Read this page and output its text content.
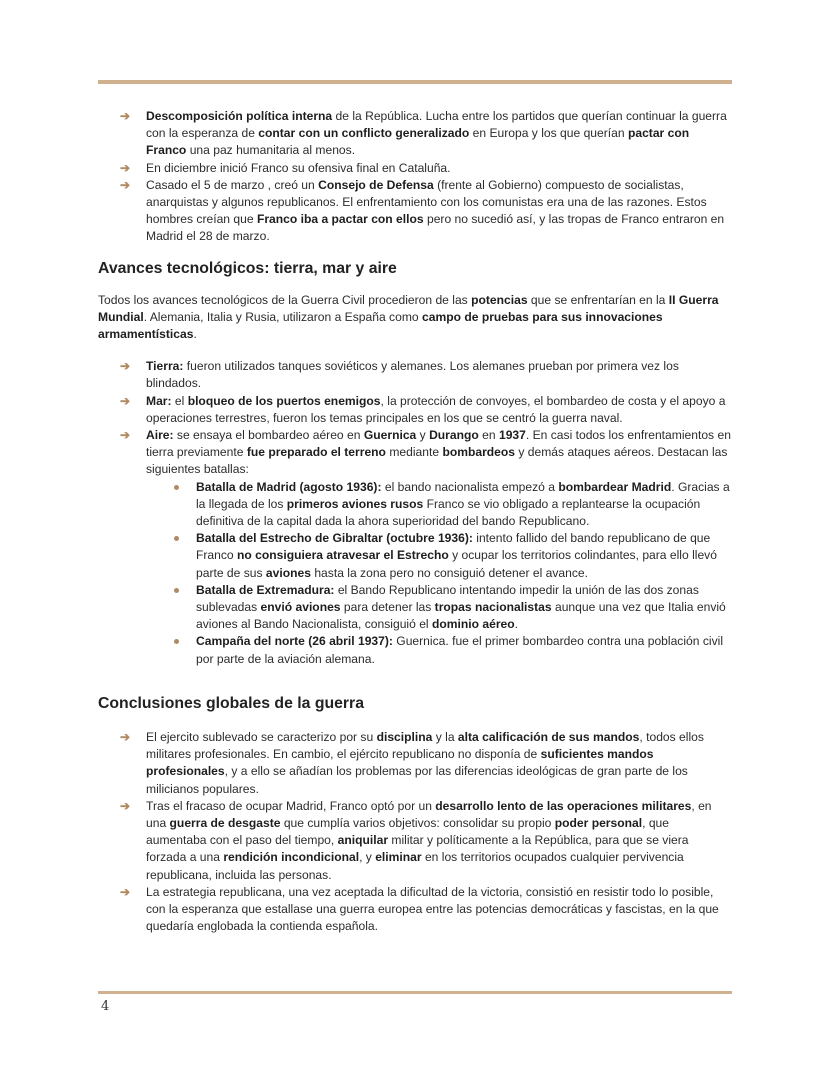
➔ Descomposición política interna de la República. Lucha entre los partidos que querían continuar la guerra con la esperanza de contar con un conflicto generalizado en Europa y los que querían pactar con Franco una paz humanitaria al menos.
➔ En diciembre inició Franco su ofensiva final en Cataluña.
➔ Casado el 5 de marzo , creó un Consejo de Defensa (frente al Gobierno) compuesto de socialistas, anarquistas y algunos republicanos. El enfrentamiento con los comunistas era una de las razones. Estos hombres creían que Franco iba a pactar con ellos pero no sucedió así, y las tropas de Franco entraron en Madrid el 28 de marzo.
Avances tecnológicos: tierra, mar y aire

Todos los avances tecnológicos de la Guerra Civil procedieron de las potencias que se enfrentarían en la II Guerra Mundial. Alemania, Italia y Rusia, utilizaron a España como campo de pruebas para sus innovaciones armamentísticas.

➔ Tierra: fueron utilizados tanques soviéticos y alemanes. Los alemanes prueban por primera vez los blindados.
➔ Mar: el bloqueo de los puertos enemigos, la protección de convoyes, el bombardeo de costa y el apoyo a operaciones terrestres, fueron los temas principales en los que se centró la guerra naval.
➔ Aire: se ensaya el bombardeo aéreo en Guernica y Durango en 1937. En casi todos los enfrentamientos en tierra previamente fue preparado el terreno mediante bombardeos y demás ataques aéreos. Destacan las siguientes batallas:
Batalla de Madrid (agosto 1936): el bando nacionalista empezó a bombardear Madrid. Gracias a la llegada de los primeros aviones rusos Franco se vio obligado a replantearse la ocupación definitiva de la capital dada la ahora superioridad del bando Republicano.
Batalla del Estrecho de Gibraltar (octubre 1936): intento fallido del bando republicano de que Franco no consiguiera atravesar el Estrecho y ocupar los territorios colindantes, para ello llevó parte de sus aviones hasta la zona pero no consiguió detener el avance.
Batalla de Extremadura: el Bando Republicano intentando impedir la unión de las dos zonas sublevadas envió aviones para detener las tropas nacionalistas aunque una vez que Italia envió aviones al Bando Nacionalista, consiguió el dominio aéreo.
Campaña del norte (26 abril 1937): Guernica. fue el primer bombardeo contra una población civil por parte de la aviación alemana.
Conclusiones globales de la guerra
➔ El ejercito sublevado se caracterizo por su disciplina y la alta calificación de sus mandos, todos ellos militares profesionales. En cambio, el ejército republicano no disponía de suficientes mandos profesionales, y a ello se añadían los problemas por las diferencias ideológicas de gran parte de los milicianos populares.
➔ Tras el fracaso de ocupar Madrid, Franco optó por un desarrollo lento de las operaciones militares, en una guerra de desgaste que cumplía varios objetivos: consolidar su propio poder personal, que aumentaba con el paso del tiempo, aniquilar militar y políticamente a la República, para que se viera forzada a una rendición incondicional, y eliminar en los territorios ocupados cualquier pervivencia republicana, incluida las personas.
➔ La estrategia republicana, una vez aceptada la dificultad de la victoria, consistió en resistir todo lo posible, con la esperanza que estallase una guerra europea entre las potencias democráticas y fascistas, en la que quedaría englobada la contienda española.
4
